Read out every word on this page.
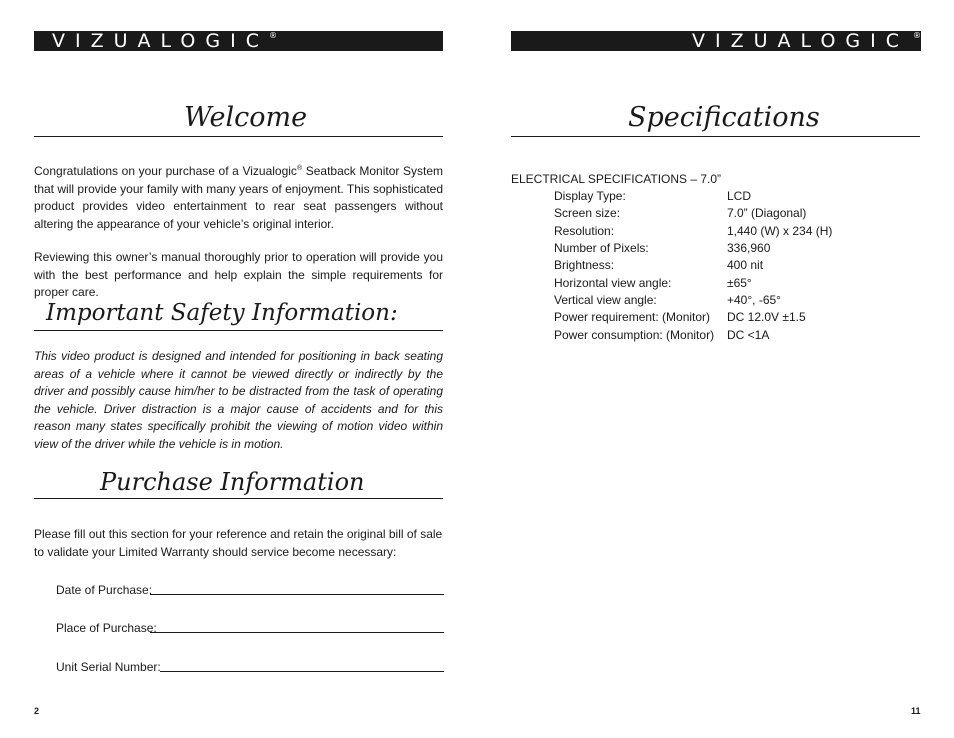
VIZUALOGIC®	VIZUALOGIC ®
Welcome

Congratulations on your purchase of a Vizualogic® Seatback Monitor System that will provide your family with many years of enjoyment. This sophisticated product provides video entertainment to rear seat passengers without altering the appearance of your vehicle’s original interior.

Reviewing this owner’s manual thoroughly prior to operation will provide you with the best performance and help explain the simple requirements for proper care.

Important Safety Information:

This video product is designed and intended for positioning in back seating areas of a vehicle where it cannot be viewed directly or indirectly by the driver and possibly cause him/her to be distracted from the task of operating the vehicle. Driver distraction is a major cause of accidents and for this reason many states specifically prohibit the viewing of motion video within view of the driver while the vehicle is in motion.

Purchase Information

Please fill out this section for your reference and retain the original bill of sale to validate your Limited Warranty should service become necessary:

Date of Purchase:
Place of Purchase:
Unit Serial Number:
2
Specifications
ELECTRICAL SPECIFICATIONS – 7.0”
Display Type:	LCD
Screen size:	7.0” (Diagonal)
Resolution:	1,440 (W) x 234 (H)
Number of Pixels:	336,960
Brightness:	400 nit
Horizontal view angle:	±65°
Vertical view angle:	+40°, -65°
Power requirement: (Monitor) DC 12.0V ±1.5
Power consumption: (Monitor) DC <1A
11
